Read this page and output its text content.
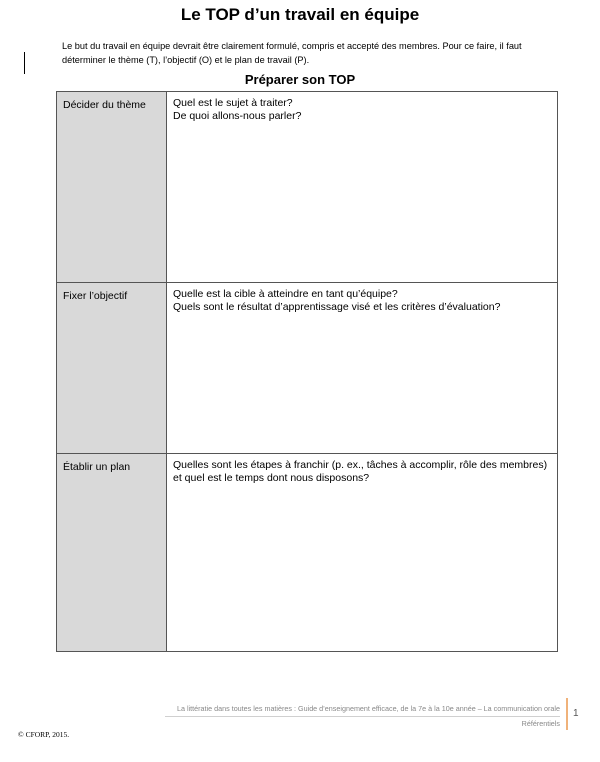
Le TOP d’un travail en équipe
Le but du travail en équipe devrait être clairement formulé, compris et accepté des membres. Pour ce faire, il faut déterminer le thème (T), l’objectif (O) et le plan de travail (P).
Préparer son TOP
Décider du thème	Quel est le sujet à traiter?
De quoi allons-nous parler?
Fixer l’objectif	Quelle est la cible à atteindre en tant qu’équipe?
Quels sont le résultat d’apprentissage visé et les critères d’évaluation?
Établir un plan	Quelles sont les étapes à franchir (p. ex., tâches à accomplir, rôle des membres) et quel est le temps dont nous disposons?
La littératie dans toutes les matières : Guide d’enseignement efficace, de la 7e à la 10e année – La communication orale
Référentiels
1
© CFORP, 2015.
